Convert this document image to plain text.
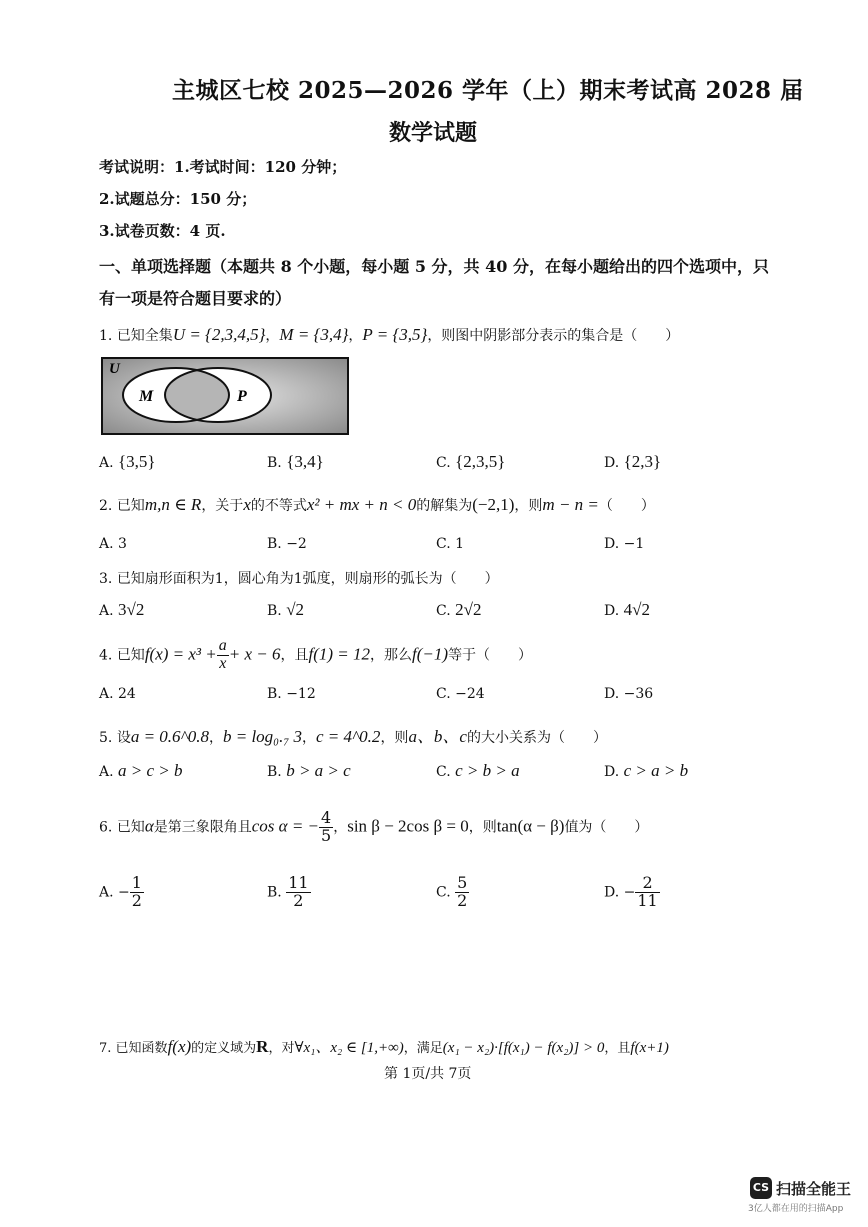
主城区七校 2025—2026 学年（上）期末考试高 2028 届
数学试题
考试说明：1.考试时间：120 分钟；
2.试题总分：150 分；
3.试卷页数：4 页.
一、单项选择题（本题共 8 个小题，每小题 5 分，共 40 分，在每小题给出的四个选项中，只
有一项是符合题目要求的）
1. 已知全集U = {2,3,4,5}，M = {3,4}，P = {3,5}，则图中阴影部分表示的集合是（　　）
U
M	P
A. {3,5}	B. {3,4}	C. {2,3,5}	D. {2,3}
2. 已知m,n ∈ R，关于x的不等式x² + mx + n < 0的解集为(−2,1)，则m − n =（　　）
A. 3	B. −2	C. 1	D. −1
3. 已知扇形面积为1，圆心角为1弧度，则扇形的弧长为（　　）
A. 3√2	B. √2	C. 2√2	D. 4√2
4. 已知$f(x) = x^3 + \frac{a}{x} + x - 6$，且f(1) = 12，那么f(−1)等于（　　）
A. 24	B. −12	C. −24	D. −36
5. 设a = 0.6^0.8，b = log₀.₇ 3，c = 4^0.2，则a、b、c的大小关系为（　　）
A. a > c > b	B. b > a > c	C. c > b > a	D. c > a > b
6. 已知α是第三象限角且cos α = − $\frac{4}{5}$ ，sin β − 2cos β = 0，则tan(α − β)值为（　　）
A. − $\frac{1}{2}$	B. $\frac{11}{2}$	C. $\frac{5}{2}$	D. − $\frac{2}{11}$
7. 已知函数f(x)的定义域为R，对∀x₁、x₂ ∈ [1,+∞)，满足(x₁ − x₂)·[f(x₁) − f(x₂)] > 0，且f(x+1)
第 1页/共 7页
CS 扫描全能王
3亿人都在用的扫描App
